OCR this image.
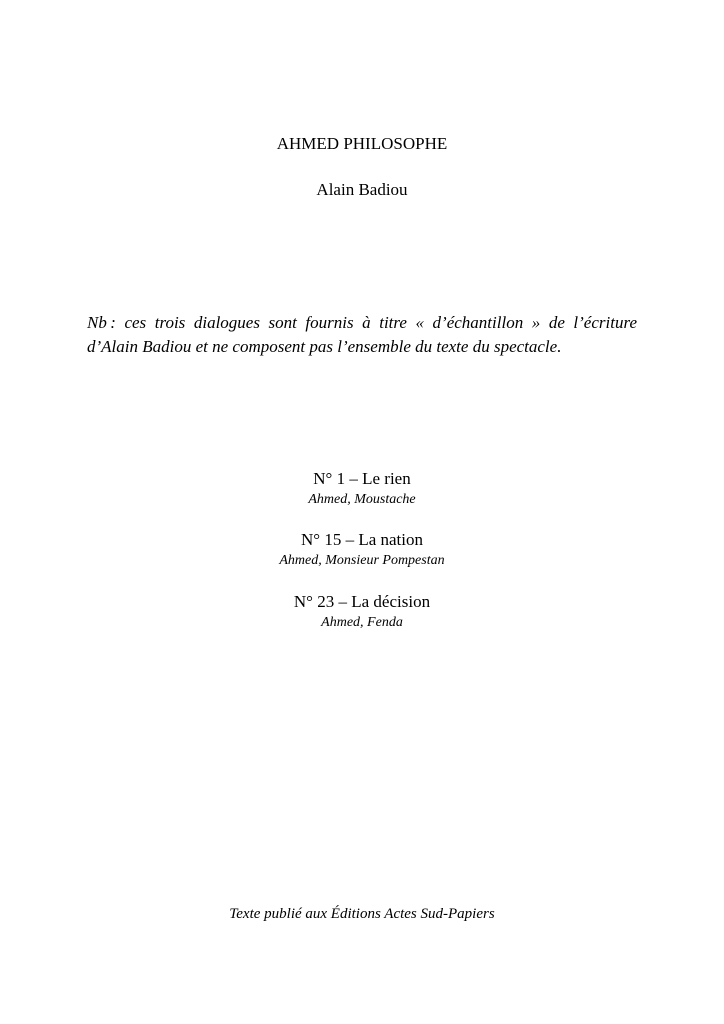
AHMED PHILOSOPHE
Alain Badiou

Nb : ces trois dialogues sont fournis à titre « d’échantillon » de l’écriture d’Alain Badiou et ne composent pas l’ensemble du texte du spectacle.

N° 1 – Le rien
Ahmed, Moustache
N° 15 – La nation
Ahmed, Monsieur Pompestan
N° 23 – La décision
Ahmed, Fenda
Texte publié aux Éditions Actes Sud-Papiers
